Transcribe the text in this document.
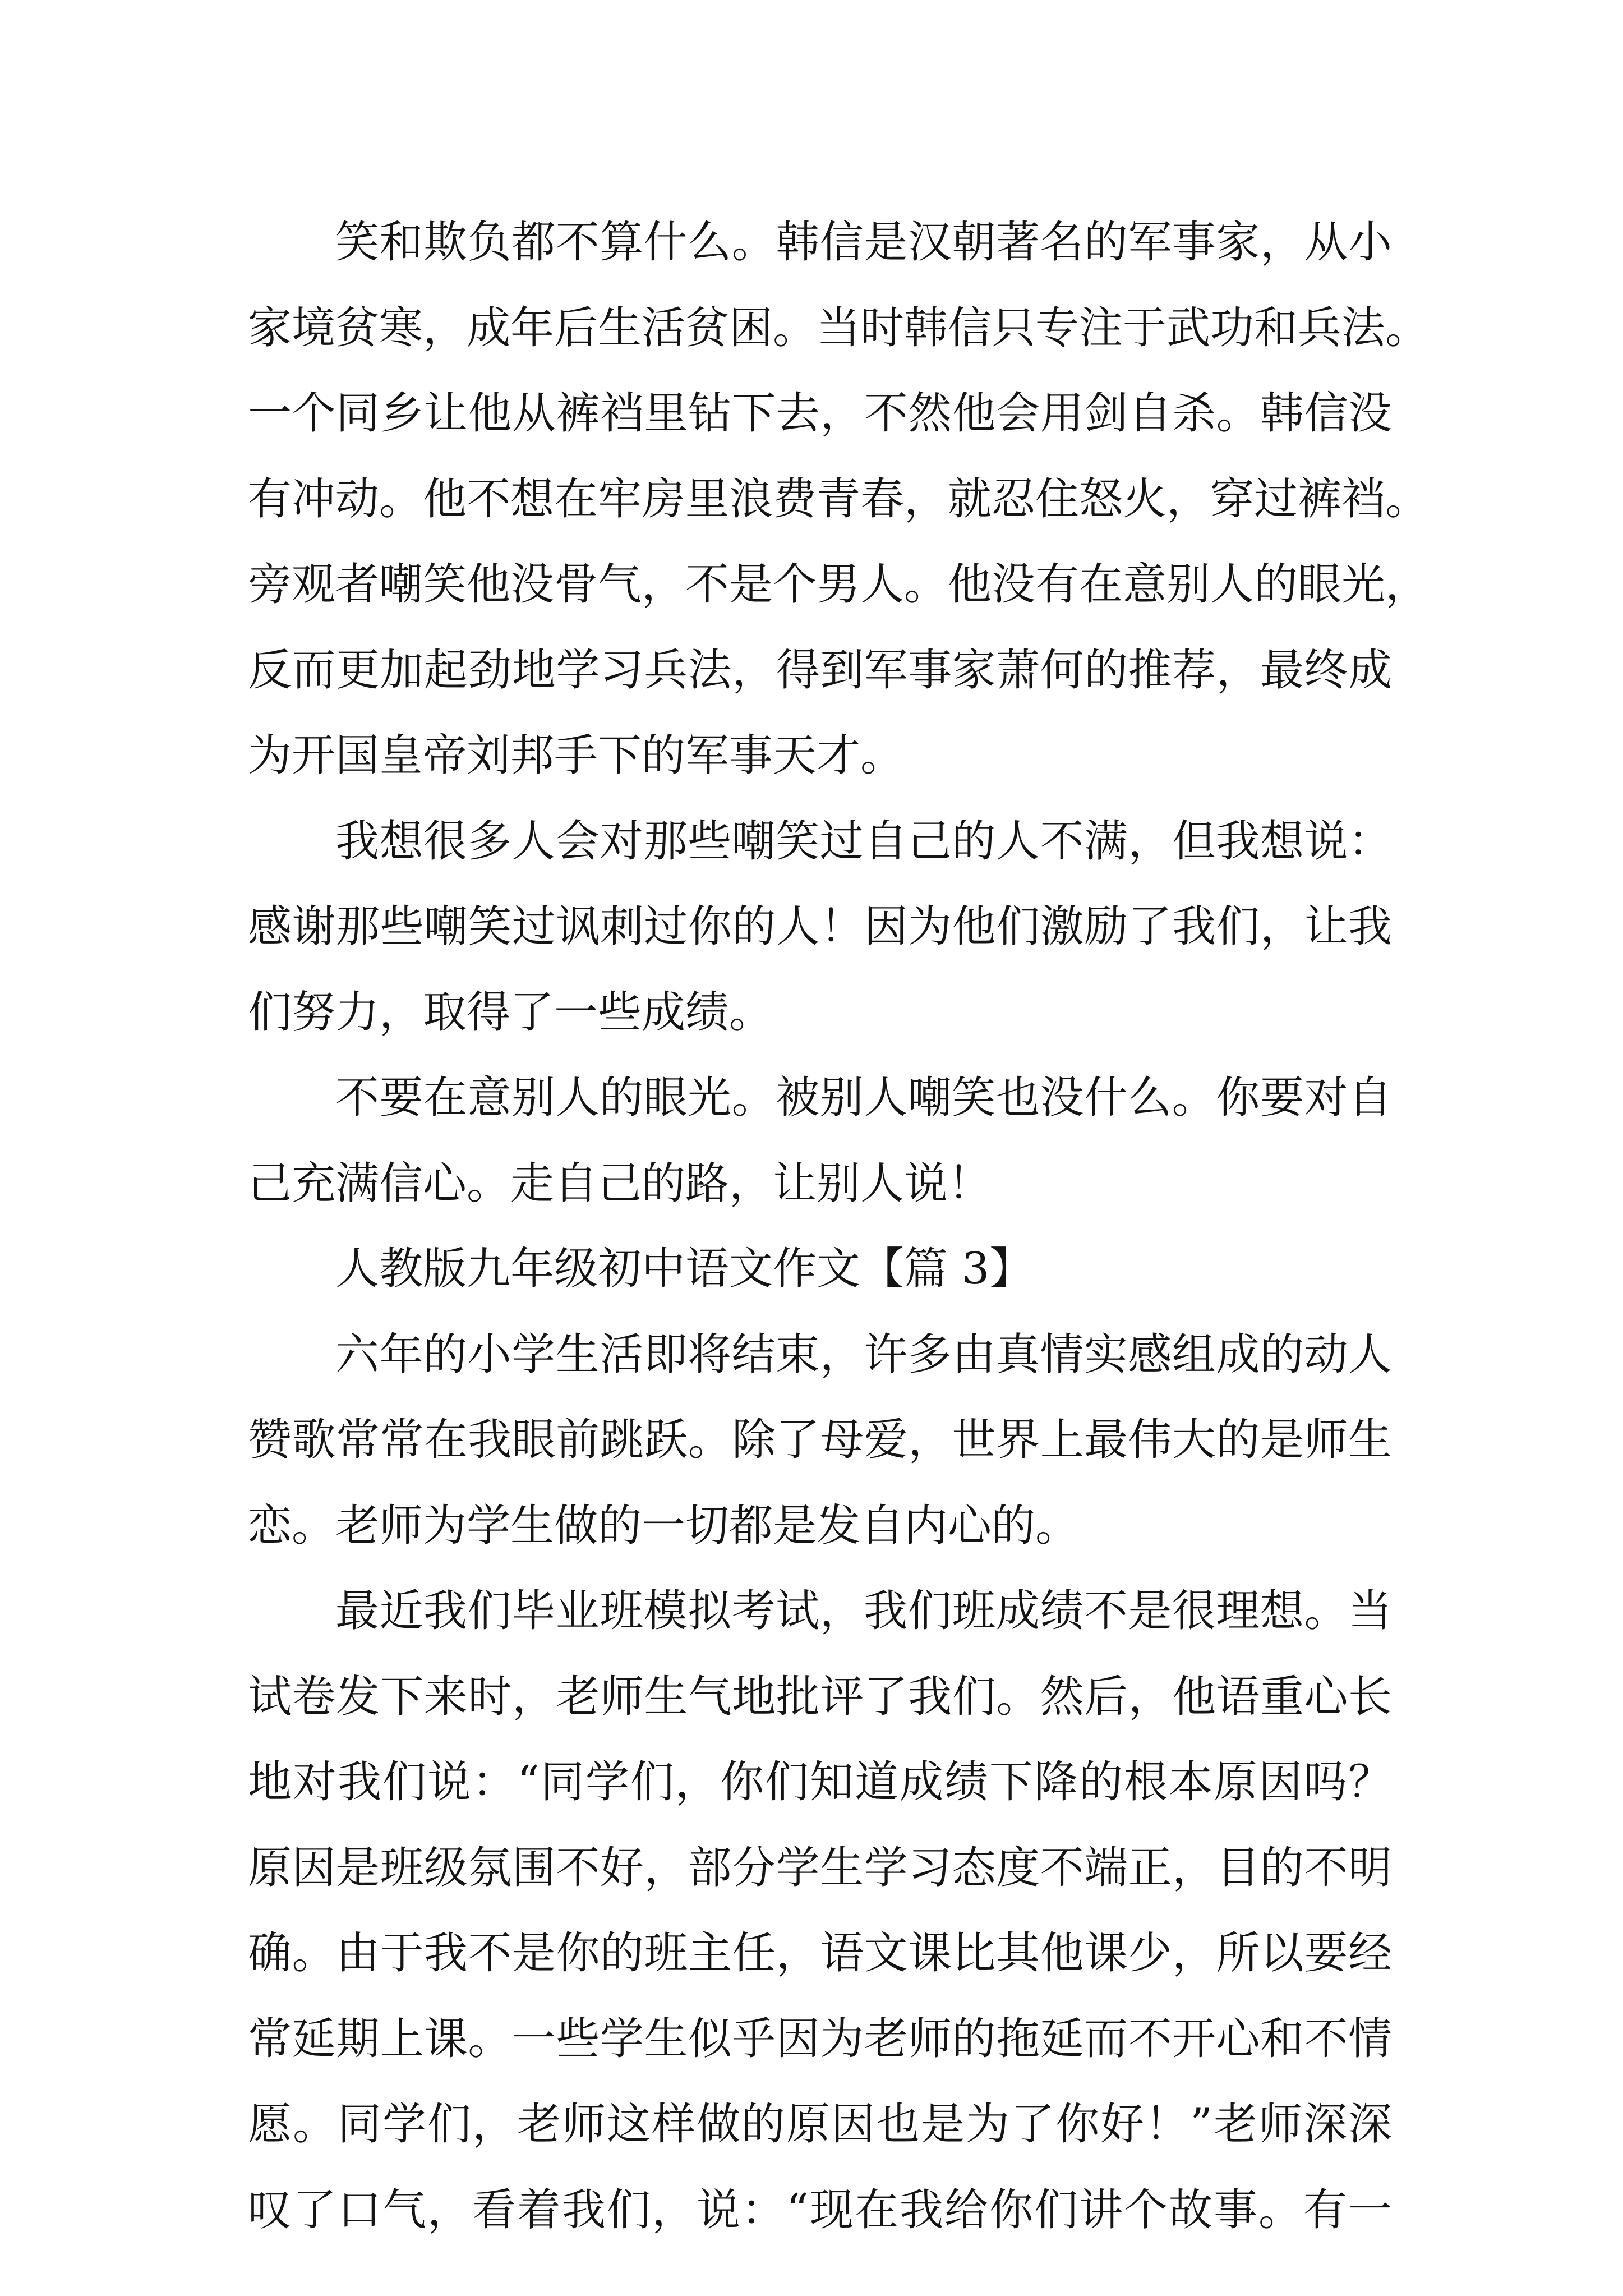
笑和欺负都不算什么。韩信是汉朝著名的军事家，从小
家境贫寒，成年后生活贫困。当时韩信只专注于武功和兵法。
一个同乡让他从裤裆里钻下去，不然他会用剑自杀。韩信没
有冲动。他不想在牢房里浪费青春，就忍住怒火，穿过裤裆。
旁观者嘲笑他没骨气，不是个男人。他没有在意别人的眼光，
反而更加起劲地学习兵法，得到军事家萧何的推荐，最终成
为开国皇帝刘邦手下的军事天才。
我想很多人会对那些嘲笑过自己的人不满，但我想说：
感谢那些嘲笑过讽刺过你的人！因为他们激励了我们，让我
们努力，取得了一些成绩。
不要在意别人的眼光。被别人嘲笑也没什么。你要对自
己充满信心。走自己的路，让别人说！
人教版九年级初中语文作文【篇 3】
六年的小学生活即将结束，许多由真情实感组成的动人
赞歌常常在我眼前跳跃。除了母爱，世界上最伟大的是师生
恋。老师为学生做的一切都是发自内心的。
最近我们毕业班模拟考试，我们班成绩不是很理想。当
试卷发下来时，老师生气地批评了我们。然后，他语重心长
地对我们说：“同学们，你们知道成绩下降的根本原因吗？
原因是班级氛围不好，部分学生学习态度不端正，目的不明
确。由于我不是你的班主任，语文课比其他课少，所以要经
常延期上课。一些学生似乎因为老师的拖延而不开心和不情
愿。同学们，老师这样做的原因也是为了你好！”老师深深
叹了口气，看着我们，说：“现在我给你们讲个故事。有一
